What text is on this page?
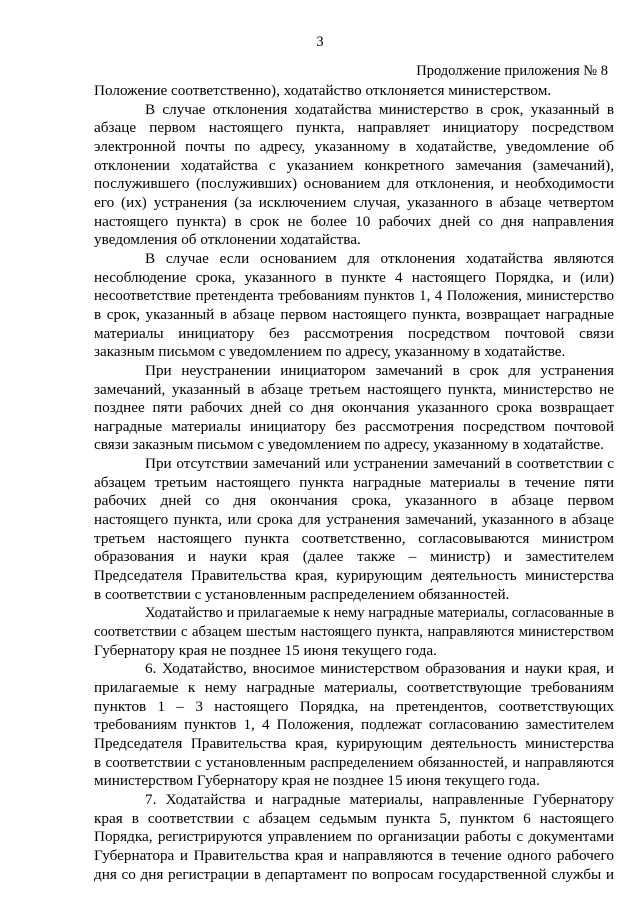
3
Продолжение приложения № 8
Положение соответственно), ходатайство отклоняется министерством.
В случае отклонения ходатайства министерство в срок, указанный в
абзаце первом настоящего пункта, направляет инициатору посредством
электронной почты по адресу, указанному в ходатайстве, уведомление об
отклонении ходатайства с указанием конкретного замечания (замечаний),
послужившего (послуживших) основанием для отклонения, и необходимости
его (их) устранения (за исключением случая, указанного в абзаце четвертом
настоящего пункта) в срок не более 10 рабочих дней со дня направления
уведомления об отклонении ходатайства.
В случае если основанием для отклонения ходатайства являются
несоблюдение срока, указанного в пункте 4 настоящего Порядка, и (или)
несоответствие претендента требованиям пунктов 1, 4 Положения, министерство
в срок, указанный в абзаце первом настоящего пункта, возвращает наградные
материалы инициатору без рассмотрения посредством почтовой связи
заказным письмом с уведомлением по адресу, указанному в ходатайстве.
При неустранении инициатором замечаний в срок для устранения
замечаний, указанный в абзаце третьем настоящего пункта, министерство не
позднее пяти рабочих дней со дня окончания указанного срока возвращает
наградные материалы инициатору без рассмотрения посредством почтовой
связи заказным письмом с уведомлением по адресу, указанному в ходатайстве.
При отсутствии замечаний или устранении замечаний в соответствии с
абзацем третьим настоящего пункта наградные материалы в течение пяти
рабочих дней со дня окончания срока, указанного в абзаце первом
настоящего пункта, или срока для устранения замечаний, указанного в абзаце
третьем настоящего пункта соответственно, согласовываются министром
образования и науки края (далее также – министр) и заместителем
Председателя Правительства края, курирующим деятельность министерства
в соответствии с установленным распределением обязанностей.
Ходатайство и прилагаемые к нему наградные материалы, согласованные в
соответствии с абзацем шестым настоящего пункта, направляются министерством
Губернатору края не позднее 15 июня текущего года.
6. Ходатайство, вносимое министерством образования и науки края, и
прилагаемые к нему наградные материалы, соответствующие требованиям
пунктов 1 – 3 настоящего Порядка, на претендентов, соответствующих
требованиям пунктов 1, 4 Положения, подлежат согласованию заместителем
Председателя Правительства края, курирующим деятельность министерства
в соответствии с установленным распределением обязанностей, и направляются
министерством Губернатору края не позднее 15 июня текущего года.
7. Ходатайства и наградные материалы, направленные Губернатору
края в соответствии с абзацем седьмым пункта 5, пунктом 6 настоящего
Порядка, регистрируются управлением по организации работы с документами
Губернатора и Правительства края и направляются в течение одного рабочего
дня со дня регистрации в департамент по вопросам государственной службы и
